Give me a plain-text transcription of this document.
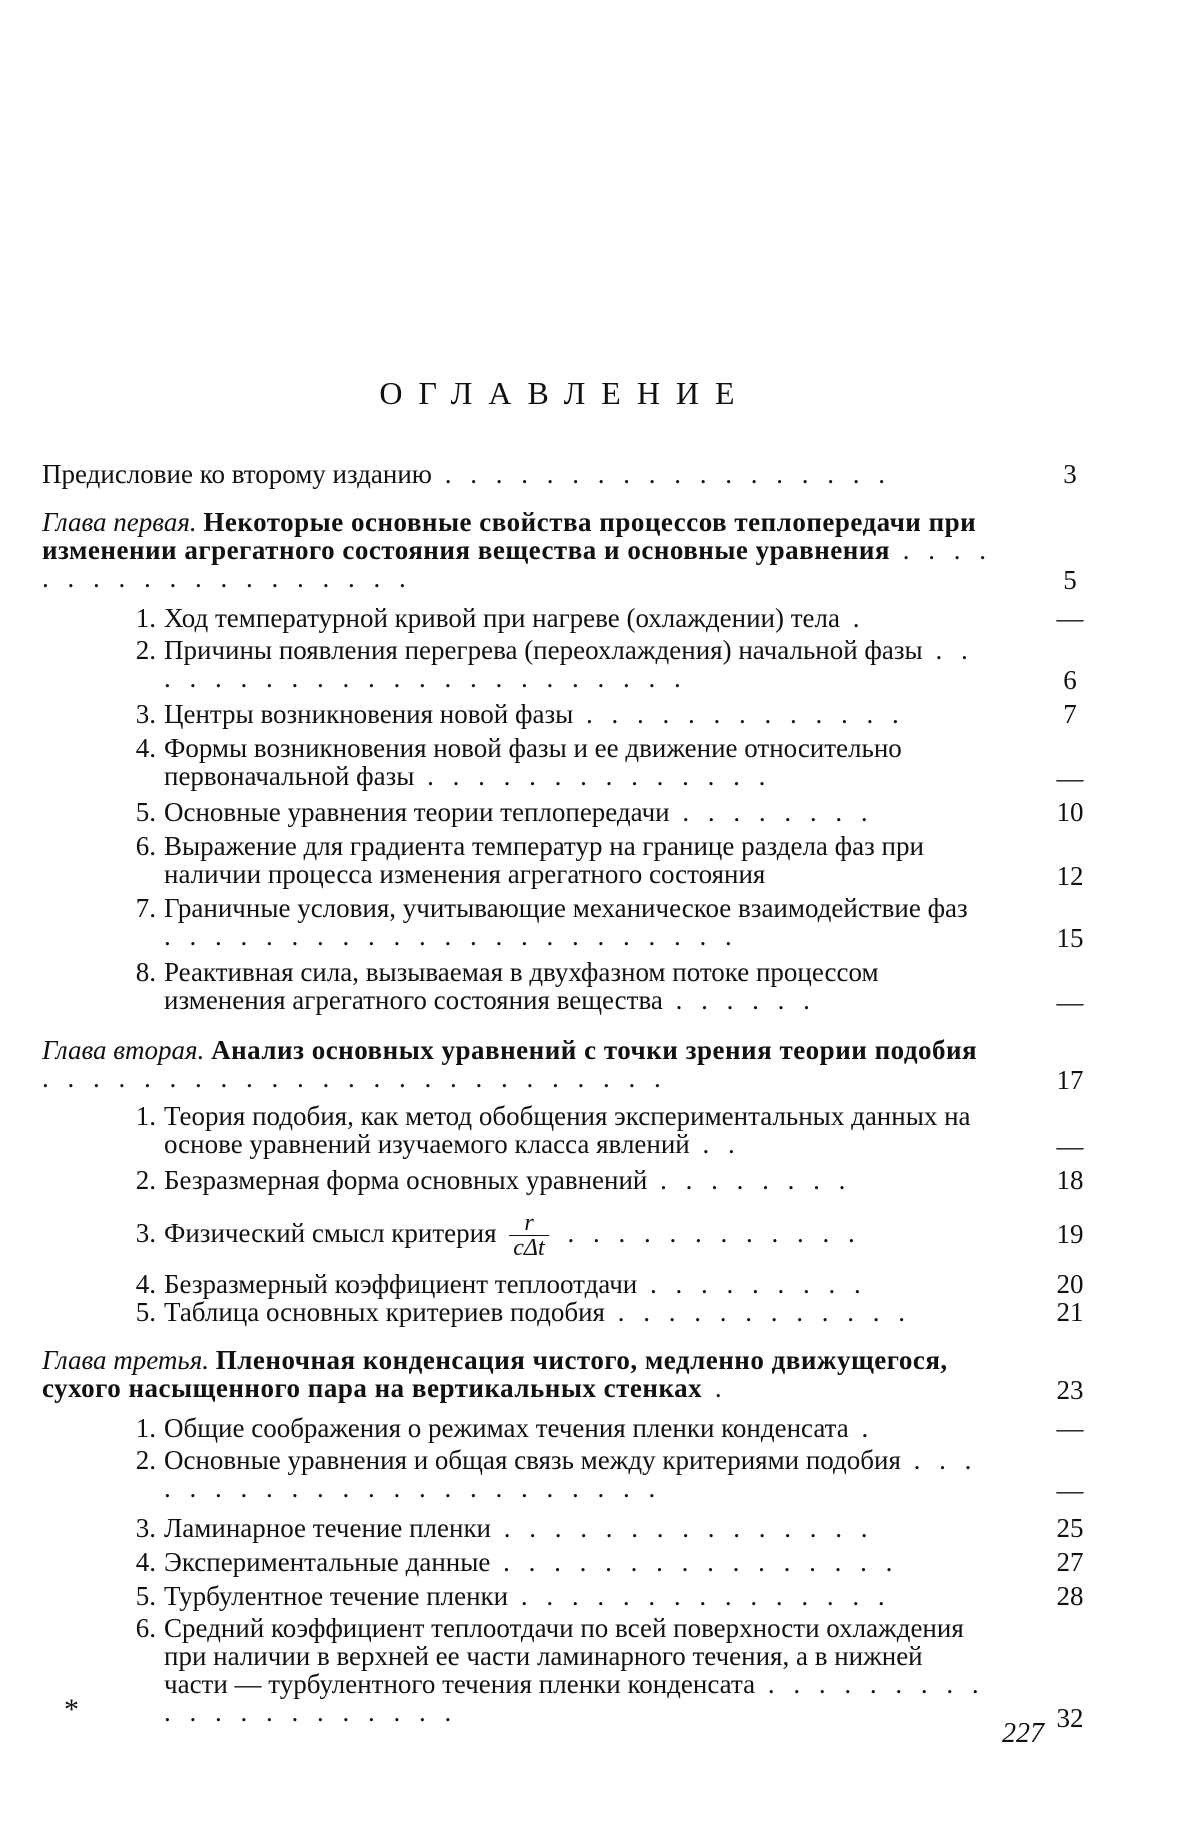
ОГЛАВЛЕНИЕ
Предисловие ко второму изданию . . . . . . . . . . . . . . . . . .	3
Глава первая. Некоторые основные свойства процессов теплопередачи при изменении агрегатного состояния вещества и основные уравнения . . . . . . . . . . . . . . . . . . .	5
1. Ход температурной кривой при нагреве (охлаждении) тела .	—
2. Причины появления перегрева (переохлаждения) начальной фазы . . . . . . . . . . . . . . . . . . . . . . .	6
3. Центры возникновения новой фазы . . . . . . . . . . . . .	7
4. Формы возникновения новой фазы и ее движение относительно первоначальной фазы . . . . . . . . . . . . . .	—
5. Основные уравнения теории теплопередачи . . . . . . . .	10
6. Выражение для градиента температур на границе раздела фаз при наличии процесса изменения агрегатного состояния	12
7. Граничные условия, учитывающие механическое взаимодействие фаз . . . . . . . . . . . . . . . . . . . . . . .	15
8. Реактивная сила, вызываемая в двухфазном потоке процессом изменения агрегатного состояния вещества . . . . . .	—
Глава вторая. Анализ основных уравнений с точки зрения теории подобия . . . . . . . . . . . . . . . . . . . . . . . . .	17
1. Теория подобия, как метод обобщения экспериментальных данных на основе уравнений изучаемого класса явлений . .	—
2. Безразмерная форма основных уравнений . . . . . . . .	18
3. Физический смысл критерия $\frac{r}{\text{cΔt}}$ . . . . . . . . . . . .	19
4. Безразмерный коэффициент теплоотдачи . . . . . . . . .	20
5. Таблица основных критериев подобия . . . . . . . . . . . .	21
Глава третья. Пленочная конденсация чистого, медленно движущегося, сухого насыщенного пара на вертикальных стенках .	23
1. Общие соображения о режимах течения пленки конденсата .	—
2. Основные уравнения и общая связь между критериями подобия . . . . . . . . . . . . . . . . . . . . . . .	—
3. Ламинарное течение пленки . . . . . . . . . . . . . . .	25
4. Экспериментальные данные . . . . . . . . . . . . . . . .	27
5. Турбулентное течение пленки . . . . . . . . . . . . . . .	28
6. Средний коэффициент теплоотдачи по всей поверхности охлаждения при наличии в верхней ее части ламинарного течения, а в нижней части — турбулентного течения пленки конденсата . . . . . . . . . . . . . . . . . . . . .	32
*
227
